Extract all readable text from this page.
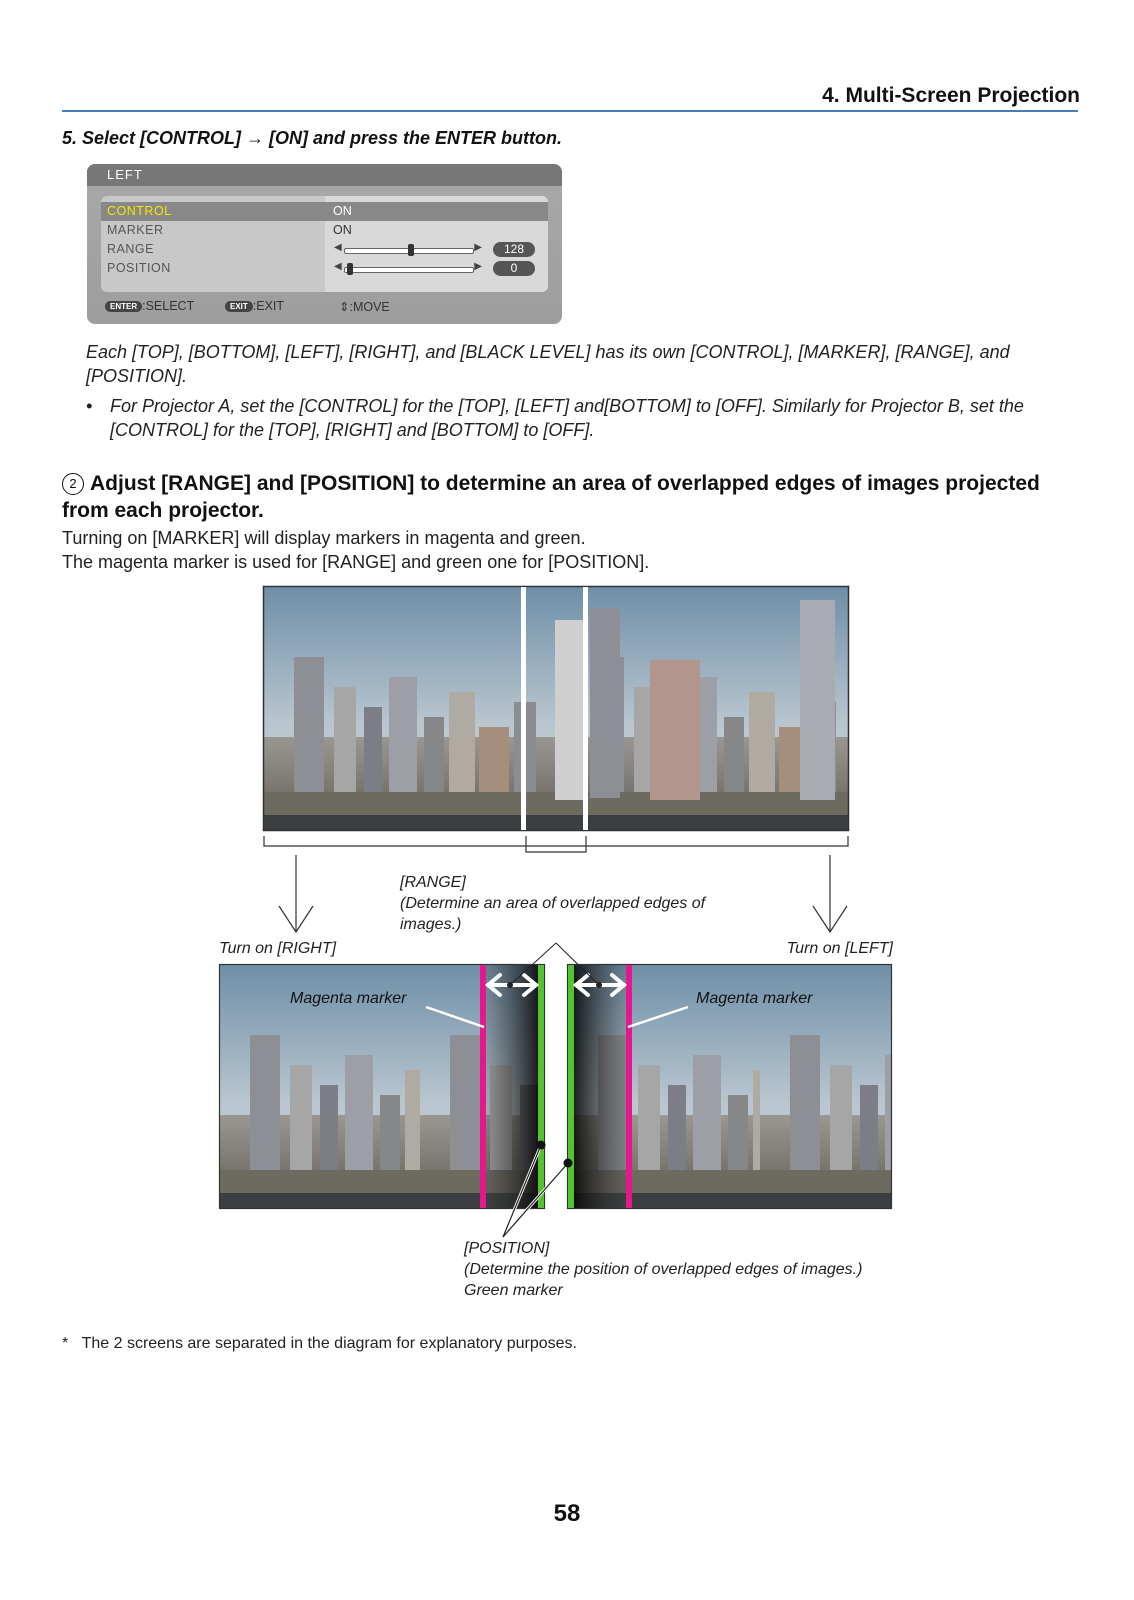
4. Multi-Screen Projection
5. Select [CONTROL] → [ON] and press the ENTER button.
LEFT
CONTROL	ON
MARKER	ON
RANGE	◀	▶	128
POSITION	◀	▶	0
ENTER :SELECT	EXIT :EXIT	⇕:MOVE
Each [TOP], [BOTTOM], [LEFT], [RIGHT], and [BLACK LEVEL] has its own [CONTROL], [MARKER], [RANGE], and [POSITION].
• For Projector A, set the [CONTROL] for the [TOP], [LEFT] and[BOTTOM] to [OFF]. Similarly for Projector B, set the [CONTROL] for the [TOP], [RIGHT] and [BOTTOM] to [OFF].
2 Adjust [RANGE] and [POSITION] to determine an area of overlapped edges of images projected from each projector.
Turning on [MARKER] will display markers in magenta and green.
The magenta marker is used for [RANGE] and green one for [POSITION].
[RANGE]
(Determine an area of overlapped edges of images.)
Turn on [RIGHT]	Turn on [LEFT]
Magenta marker	Magenta marker
[POSITION]
(Determine the position of overlapped edges of images.)
Green marker
* The 2 screens are separated in the diagram for explanatory purposes.
58
